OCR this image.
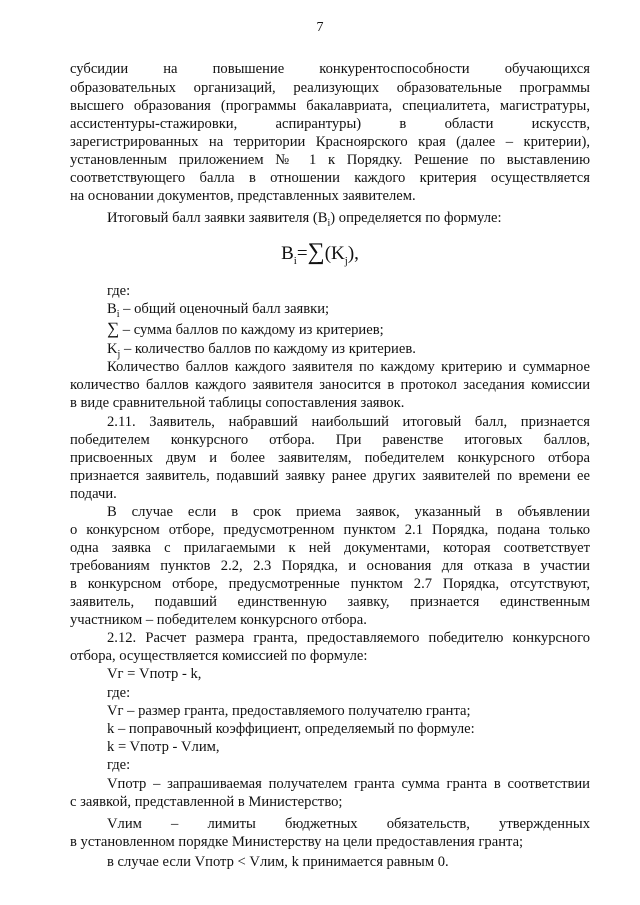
7
субсидии на повышение конкурентоспособности обучающихся
образовательных организаций, реализующих образовательные программы
высшего образования (программы бакалавриата, специалитета, магистратуры,
ассистентуры-стажировки, аспирантуры) в области искусств,
зарегистрированных на территории Красноярского края (далее – критерии),
установленным приложением № 1 к Порядку. Решение по выставлению
соответствующего балла в отношении каждого критерия осуществляется
на основании документов, представленных заявителем.
Итоговый балл заявки заявителя $(B_i)$ определяется по формуле:
$B_i=\sum(K_j)$,
где:
$B_i$ – общий оценочный балл заявки;
∑ – сумма баллов по каждому из критериев;
$K_j$ – количество баллов по каждому из критериев.
Количество баллов каждого заявителя по каждому критерию и суммарное
количество баллов каждого заявителя заносится в протокол заседания комиссии
в виде сравнительной таблицы сопоставления заявок.
2.11. Заявитель, набравший наибольший итоговый балл, признается
победителем конкурсного отбора. При равенстве итоговых баллов,
присвоенных двум и более заявителям, победителем конкурсного отбора
признается заявитель, подавший заявку ранее других заявителей по времени ее
подачи.
В случае если в срок приема заявок, указанный в объявлении
о конкурсном отборе, предусмотренном пунктом 2.1 Порядка, подана только
одна заявка с прилагаемыми к ней документами, которая соответствует
требованиям пунктов 2.2, 2.3 Порядка, и основания для отказа в участии
в конкурсном отборе, предусмотренные пунктом 2.7 Порядка, отсутствуют,
заявитель, подавший единственную заявку, признается единственным
участником – победителем конкурсного отбора.
2.12. Расчет размера гранта, предоставляемого победителю конкурсного
отбора, осуществляется комиссией по формуле:
Vг = Vпотр - k,
где:
Vг – размер гранта, предоставляемого получателю гранта;
k – поправочный коэффициент, определяемый по формуле:
k = Vпотр - Vлим,
где:
Vпотр – запрашиваемая получателем гранта сумма гранта в соответствии
с заявкой, представленной в Министерство;
Vлим – лимиты бюджетных обязательств, утвержденных
в установленном порядке Министерству на цели предоставления гранта;
в случае если Vпотр < Vлим, k принимается равным 0.
